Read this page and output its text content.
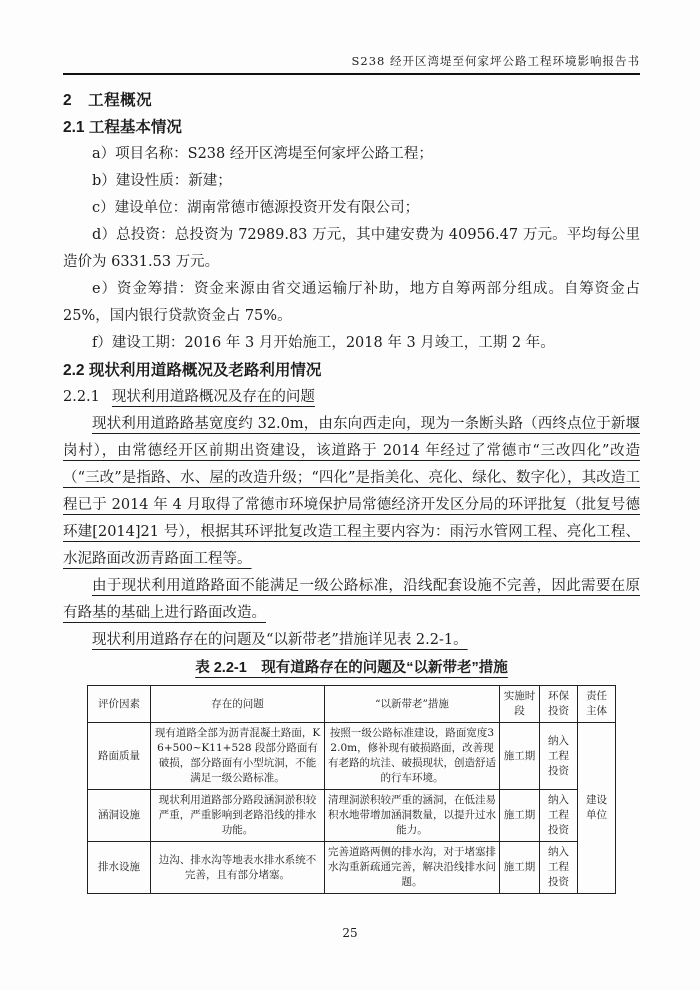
S238 经开区湾堤至何家坪公路工程环境影响报告书
2　工程概况
2.1 工程基本情况

a）项目名称：S238 经开区湾堤至何家坪公路工程；

b）建设性质：新建；

c）建设单位：湖南常德市德源投资开发有限公司；

d）总投资：总投资为 72989.83 万元，其中建安费为 40956.47 万元。平均每公里造价为 6331.53 万元。

e）资金筹措：资金来源由省交通运输厅补助，地方自筹两部分组成。自筹资金占 25%，国内银行贷款资金占 75%。

f）建设工期：2016 年 3 月开始施工，2018 年 3 月竣工，工期 2 年。

2.2 现状利用道路概况及老路利用情况
2.2.1 现状利用道路概况及存在的问题

现状利用道路路基宽度约 32.0m，由东向西走向，现为一条断头路（西终点位于新堰岗村），由常德经开区前期出资建设，该道路于 2014 年经过了常德市“三改四化”改造（“三改”是指路、水、屋的改造升级；“四化”是指美化、亮化、绿化、数字化），其改造工程已于 2014 年 4 月取得了常德市环境保护局常德经济开发区分局的环评批复（批复号德环建[2014]21 号），根据其环评批复改造工程主要内容为：雨污水管网工程、亮化工程、水泥路面改沥青路面工程等。

由于现状利用道路路面不能满足一级公路标准，沿线配套设施不完善，因此需要在原有路基的基础上进行路面改造。

现状利用道路存在的问题及“以新带老”措施详见表 2.2-1。

表 2.2-1　现有道路存在的问题及“以新带老”措施
评价因素	存在的问题	“以新带老”措施	实施时段	环保投资	责任主体
路面质量	现有道路全部为沥青混凝土路面，K6+500~K11+528 段部分路面有破损，部分路面有小型坑洞，不能满足一级公路标准。	按照一级公路标准建设，路面宽度32.0m，修补现有破损路面，改善现有老路的坑洼、破损现状，创造舒适的行车环境。	施工期	纳入工程投资	建设单位
涵洞设施	现状利用道路部分路段涵洞淤积较严重，严重影响到老路沿线的排水功能。	清理洞淤积较严重的涵洞，在低洼易积水地带增加涵洞数量，以提升过水能力。	施工期	纳入工程投资	
排水设施	边沟、排水沟等地表水排水系统不完善，且有部分堵塞。	完善道路两侧的排水沟，对于堵塞排水沟重新疏通完善，解决沿线排水问题。	施工期	纳入工程投资	
25
